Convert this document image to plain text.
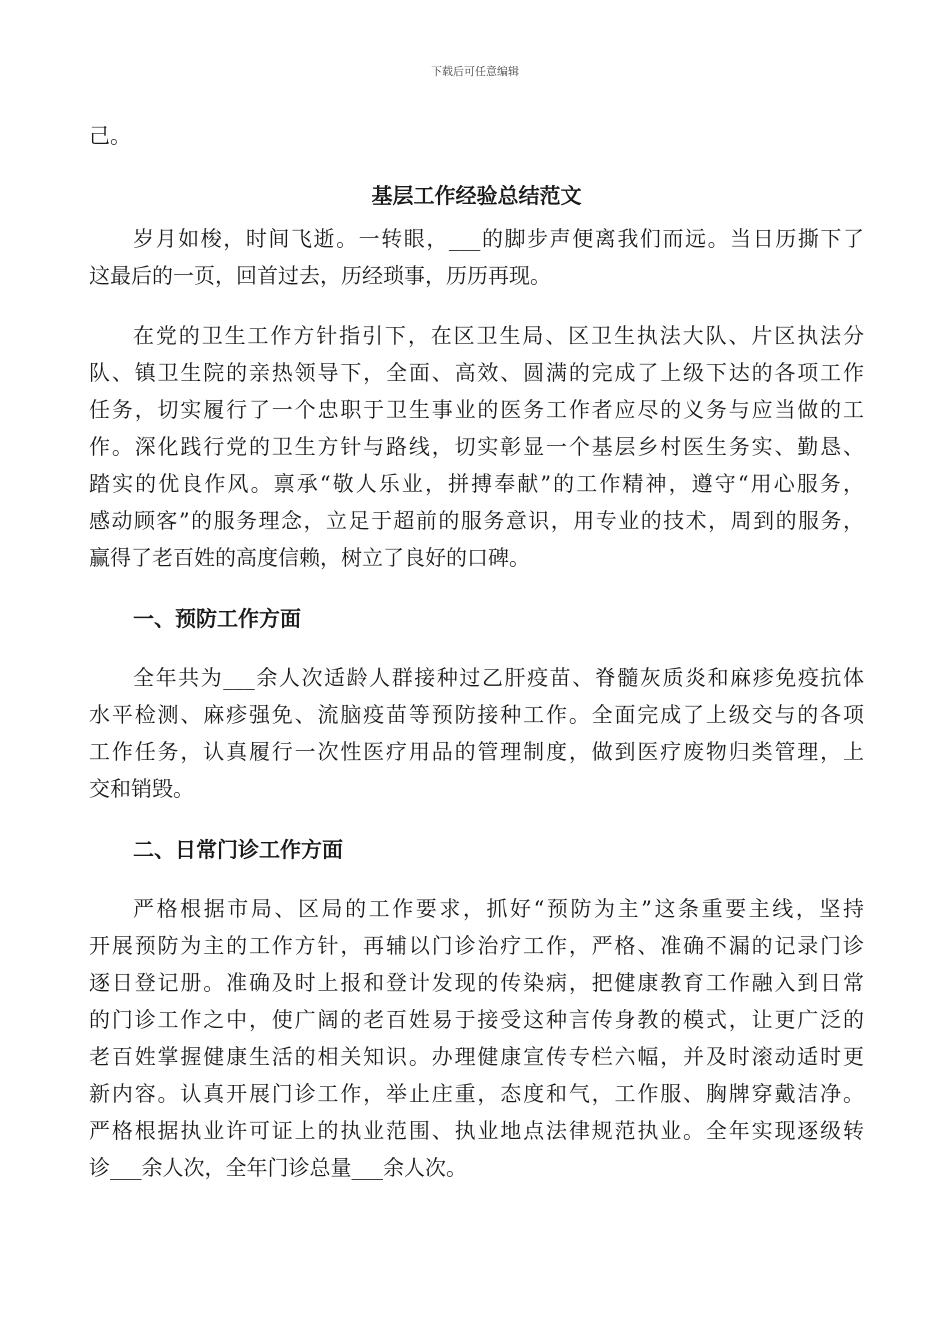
下载后可任意编辑
己。
基层工作经验总结范文
岁月如梭，时间飞逝。一转眼，___的脚步声便离我们而远。当日历撕下了
这最后的一页，回首过去，历经琐事，历历再现。
在党的卫生工作方针指引下，在区卫生局、区卫生执法大队、片区执法分
队、镇卫生院的亲热领导下，全面、高效、圆满的完成了上级下达的各项工作
任务，切实履行了一个忠职于卫生事业的医务工作者应尽的义务与应当做的工
作。深化践行党的卫生方针与路线，切实彰显一个基层乡村医生务实、勤恳、
踏实的优良作风。禀承“敬人乐业，拼搏奉献”的工作精神，遵守“用心服务，
感动顾客”的服务理念，立足于超前的服务意识，用专业的技术，周到的服务，
赢得了老百姓的高度信赖，树立了良好的口碑。
一、预防工作方面
全年共为___余人次适龄人群接种过乙肝疫苗、脊髓灰质炎和麻疹免疫抗体
水平检测、麻疹强免、流脑疫苗等预防接种工作。全面完成了上级交与的各项
工作任务，认真履行一次性医疗用品的管理制度，做到医疗废物归类管理，上
交和销毁。
二、日常门诊工作方面
严格根据市局、区局的工作要求，抓好“预防为主”这条重要主线，坚持
开展预防为主的工作方针，再辅以门诊治疗工作，严格、准确不漏的记录门诊
逐日登记册。准确及时上报和登计发现的传染病，把健康教育工作融入到日常
的门诊工作之中，使广阔的老百姓易于接受这种言传身教的模式，让更广泛的
老百姓掌握健康生活的相关知识。办理健康宣传专栏六幅，并及时滚动适时更
新内容。认真开展门诊工作，举止庄重，态度和气，工作服、胸牌穿戴洁净。
严格根据执业许可证上的执业范围、执业地点法律规范执业。全年实现逐级转
诊___余人次，全年门诊总量___余人次。
